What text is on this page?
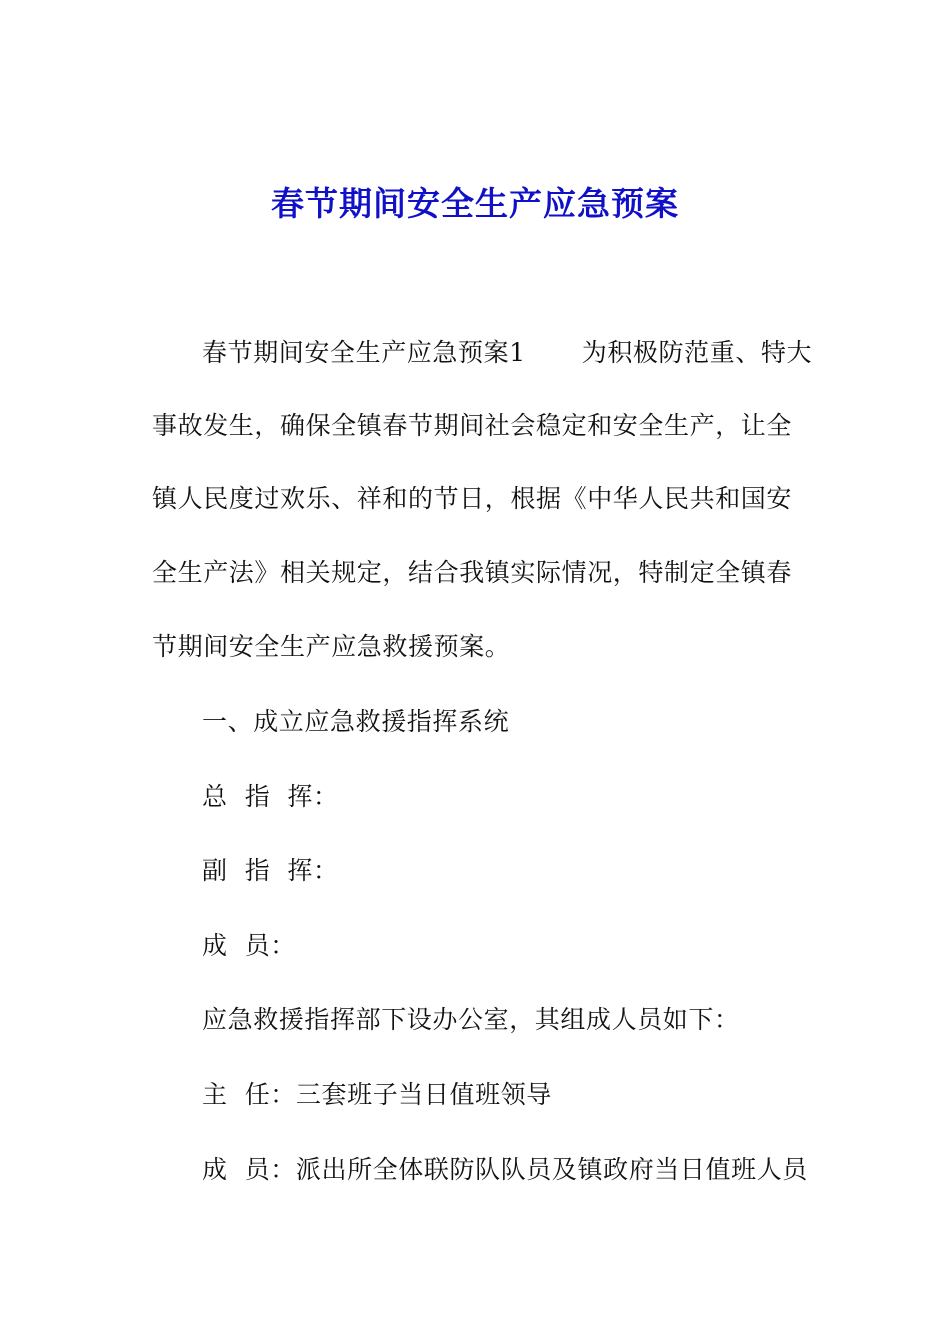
春节期间安全生产应急预案
春节期间安全生产应急预案1 为积极防范重、特大
事故发生，确保全镇春节期间社会稳定和安全生产，让全
镇人民度过欢乐、祥和的节日，根据《中华人民共和国安
全生产法》相关规定，结合我镇实际情况，特制定全镇春
节期间安全生产应急救援预案。
一、成立应急救援指挥系统
总  指  挥：
副  指  挥：
成  员：
应急救援指挥部下设办公室，其组成人员如下：
主  任：三套班子当日值班领导
成  员：派出所全体联防队队员及镇政府当日值班人员
